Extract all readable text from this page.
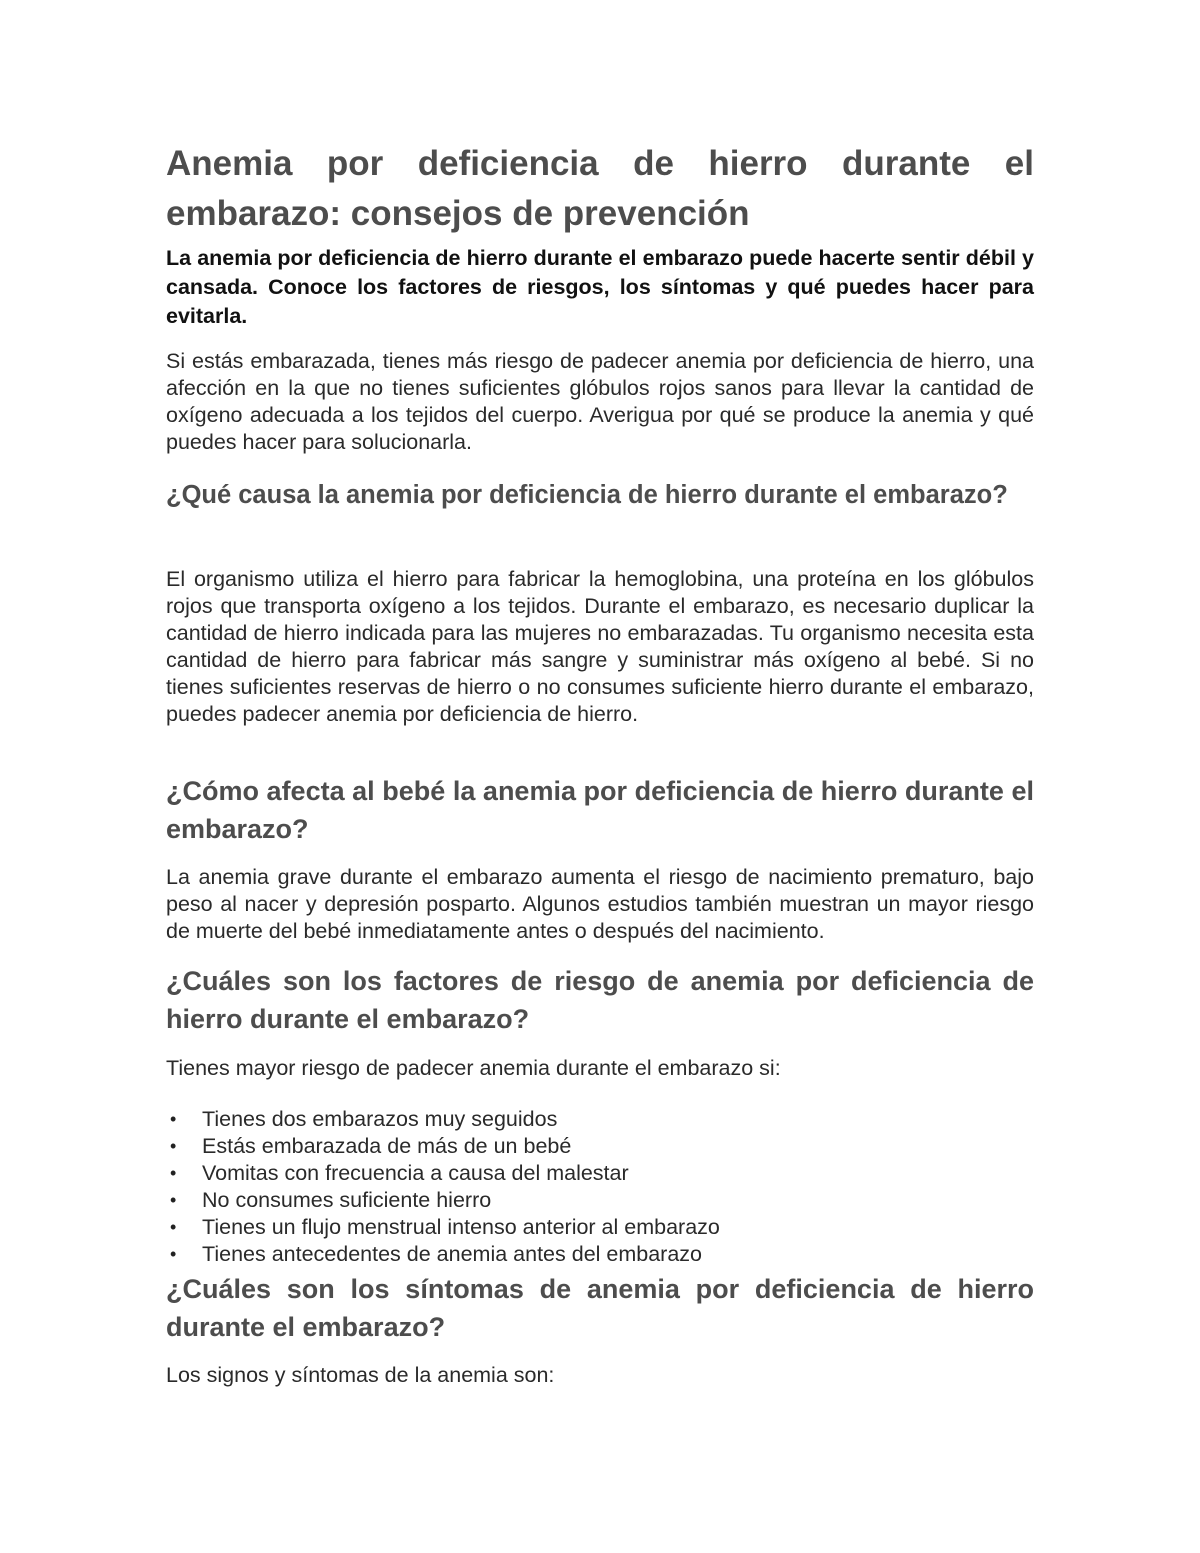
Anemia por deficiencia de hierro durante el embarazo: consejos de prevención

La anemia por deficiencia de hierro durante el embarazo puede hacerte sentir débil y cansada. Conoce los factores de riesgos, los síntomas y qué puedes hacer para evitarla.

Si estás embarazada, tienes más riesgo de padecer anemia por deficiencia de hierro, una afección en la que no tienes suficientes glóbulos rojos sanos para llevar la cantidad de oxígeno adecuada a los tejidos del cuerpo. Averigua por qué se produce la anemia y qué puedes hacer para solucionarla.

¿Qué causa la anemia por deficiencia de hierro durante el embarazo?

El organismo utiliza el hierro para fabricar la hemoglobina, una proteína en los glóbulos rojos que transporta oxígeno a los tejidos. Durante el embarazo, es necesario duplicar la cantidad de hierro indicada para las mujeres no embarazadas. Tu organismo necesita esta cantidad de hierro para fabricar más sangre y suministrar más oxígeno al bebé. Si no tienes suficientes reservas de hierro o no consumes suficiente hierro durante el embarazo, puedes padecer anemia por deficiencia de hierro.

¿Cómo afecta al bebé la anemia por deficiencia de hierro durante el embarazo?

La anemia grave durante el embarazo aumenta el riesgo de nacimiento prematuro, bajo peso al nacer y depresión posparto. Algunos estudios también muestran un mayor riesgo de muerte del bebé inmediatamente antes o después del nacimiento.

¿Cuáles son los factores de riesgo de anemia por deficiencia de hierro durante el embarazo?

Tienes mayor riesgo de padecer anemia durante el embarazo si:

• Tienes dos embarazos muy seguidos
• Estás embarazada de más de un bebé
• Vomitas con frecuencia a causa del malestar
• No consumes suficiente hierro
• Tienes un flujo menstrual intenso anterior al embarazo
• Tienes antecedentes de anemia antes del embarazo
¿Cuáles son los síntomas de anemia por deficiencia de hierro durante el embarazo?

Los signos y síntomas de la anemia son:
